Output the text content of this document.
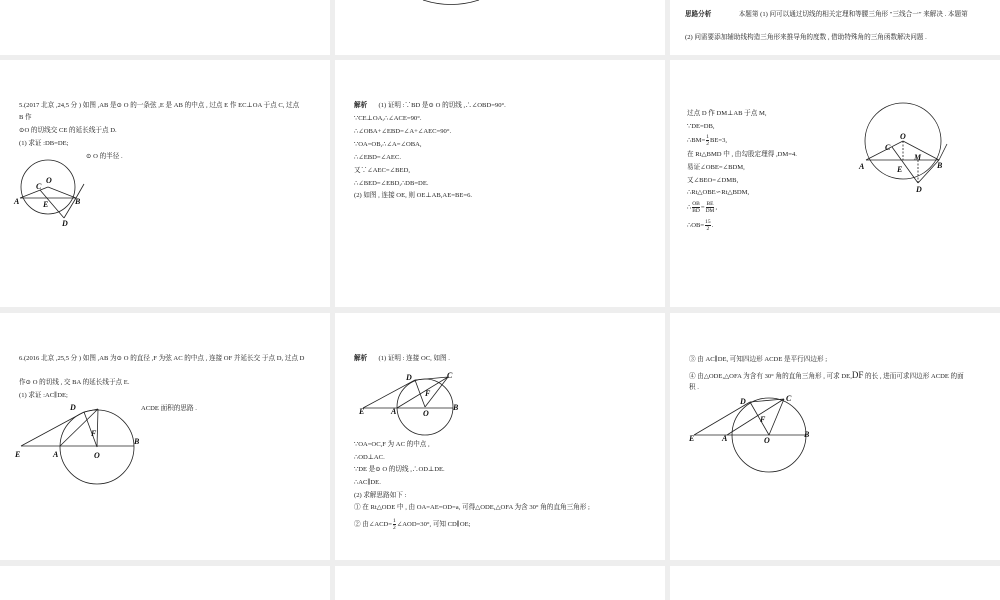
思路分析	本题第 (1) 问可以通过切线的相关定理和等腰三角形 "三线合一" 来解决 . 本题第
(2) 问需要添加辅助线构造三角形来推导角的度数 , 借助特殊角的三角函数解决问题 .
5.(2017 北京 ,24,5 分 ) 如图 ,AB 是⊙ O 的一条弦 ,E 是 AB 的中点 , 过点 E 作 EC⊥OA 于点 C, 过点
B 作
⊙O 的切线交 CE 的延长线于点 D.
(1) 求证 :DB=DE;
⊙ O 的半径 .
O
C
A	E	B
D
解析 (1) 证明 :∵BD 是⊙ O 的切线 ,∴∠OBD=90°.
∵CE⊥OA,∴∠ACE=90°.
∴∠OBA+∠EBD=∠A+∠AEC=90°.
∵OA=OB,∴∠A=∠OBA,
∴∠EBD=∠AEC.
又∵∠AEC=∠BED,
∴∠BED=∠EBD,∴DB=DE.
(2) 如图 , 连接 OE, 则 OE⊥AB,AE=BE=6.
过点 D 作 DM⊥AB 于点 M,
∵DE=DB,
∴BM= $\frac{1}{2} BE=3$,
在 Rt△BMD 中 , 由勾股定理得 ,DM=4.
易证∠OBE=∠BDM,
又∠BEO=∠DMB,
∴Rt△OBE∽Rt△BDM,
∴ $\frac{OB}{BD} = \frac{BE}{DM}$ ,
∴OB= $\frac{15}{2}$ .
O
C
M
A	E	B
D
6.(2016 北京 ,25,5 分 ) 如图 ,AB 为⊙ O 的直径 ,F 为弦 AC 的中点 , 连接 OF 并延长交 于点 D, 过点 D
作⊙ O 的切线 , 交 BA 的延长线于点 E.
(1) 求证 :AC∥DE;
ACDE 面积的思路 .
D
F
E	A	O
B
解析 (1) 证明 : 连接 OC, 如图 .
D	C
F
E	A	O
B
∵OA=OC,F 为 AC 的中点 ,
∴OD⊥AC.
∵DE 是⊙ O 的切线 ,∴OD⊥DE.
∴AC∥DE.
(2) 求解思路如下 :
① 在 Rt△ODE 中 , 由 OA=AE=OD=a, 可得△ODE,△OFA 为含 30° 角的直角三角形 ;
② 由∠ACD= $\frac{1}{2}$ ∠AOD=30°, 可知 CD∥OE;
③ 由 AC∥DE, 可知四边形 ACDE 是平行四边形 ;
④ 由△ODE,△OFA 为含有 30° 角的直角三角形 , 可求 DE,DF 的长 , 进而可求四边形 ACDE 的面
积 .
D	C
F
E	A	O
B
